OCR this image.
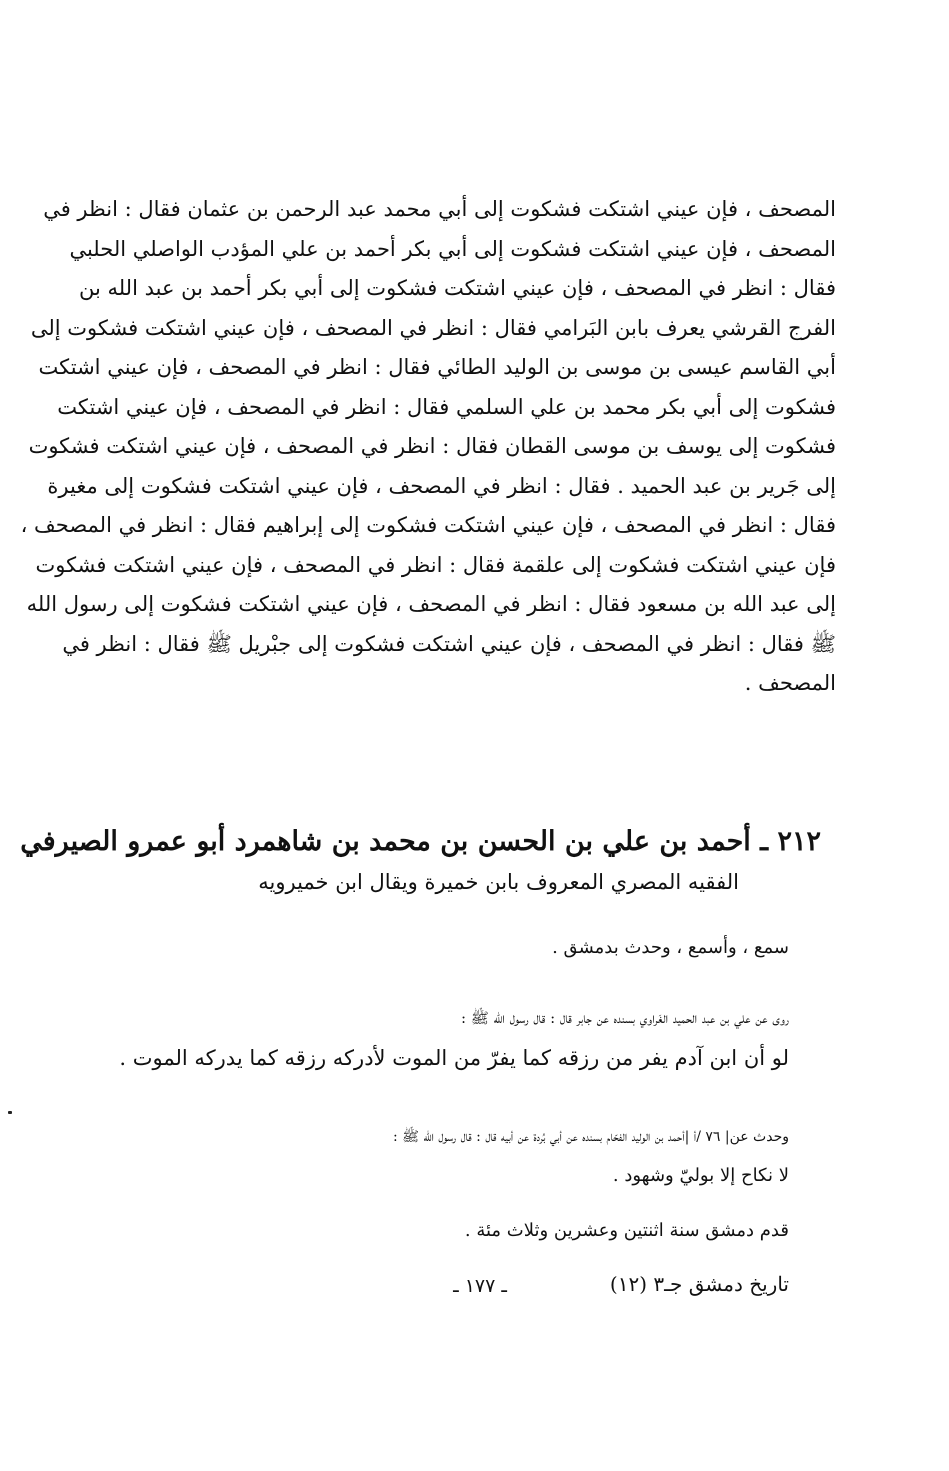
المصحف ، فإن عيني اشتكت فشكوت إلى أبي محمد عبد الرحمن بن عثمان فقال : انظر في
المصحف ، فإن عيني اشتكت فشكوت إلى أبي بكر أحمد بن علي المؤدب الواصلي الحلبي
فقال : انظر في المصحف ، فإن عيني اشتكت فشكوت إلى أبي بكر أحمد بن عبد الله بن
الفرج القرشي يعرف بابن البَرامي فقال : انظر في المصحف ، فإن عيني اشتكت فشكوت إلى
أبي القاسم عيسى بن موسى بن الوليد الطائي فقال : انظر في المصحف ، فإن عيني اشتكت
فشكوت إلى أبي بكر محمد بن علي السلمي فقال : انظر في المصحف ، فإن عيني اشتكت
فشكوت إلى يوسف بن موسى القطان فقال : انظر في المصحف ، فإن عيني اشتكت فشكوت
إلى جَرير بن عبد الحميد . فقال : انظر في المصحف ، فإن عيني اشتكت فشكوت إلى مغيرة
فقال : انظر في المصحف ، فإن عيني اشتكت فشكوت إلى إبراهيم فقال : انظر في المصحف ،
فإن عيني اشتكت فشكوت إلى علقمة فقال : انظر في المصحف ، فإن عيني اشتكت فشكوت
إلى عبد الله بن مسعود فقال : انظر في المصحف ، فإن عيني اشتكت فشكوت إلى رسول الله
ﷺ فقال : انظر في المصحف ، فإن عيني اشتكت فشكوت إلى جبْريل ﷺ فقال : انظر في
المصحف .
٢١٢ ـ أحمد بن علي بن الحسن بن محمد بن شاهمرد أبو عمرو الصيرفي
الفقيه المصري المعروف بابن خميرة ويقال ابن خميرويه
سمع ، وأسمع ، وحدث بدمشق .
روى عن علي بن عبد الحميد الغَراوي بسنده عن جابر قال : قال رسول الله ﷺ :
لو أن ابن آدم يفر من رزقه كما يفرّ من الموت لأدركه رزقه كما يدركه الموت .
وحدث عن| ٧٦ /أ |أحمد بن الوليد الفحّام بسنده عن أبي بُردة عن أبيه قال : قال رسول الله ﷺ :
لا نكاح إلا بوليّ وشهود .
قدم دمشق سنة اثنتين وعشرين وثلاث مئة .
تاريخ دمشق جـ٣ (١٢)
ـ ١٧٧ ـ
